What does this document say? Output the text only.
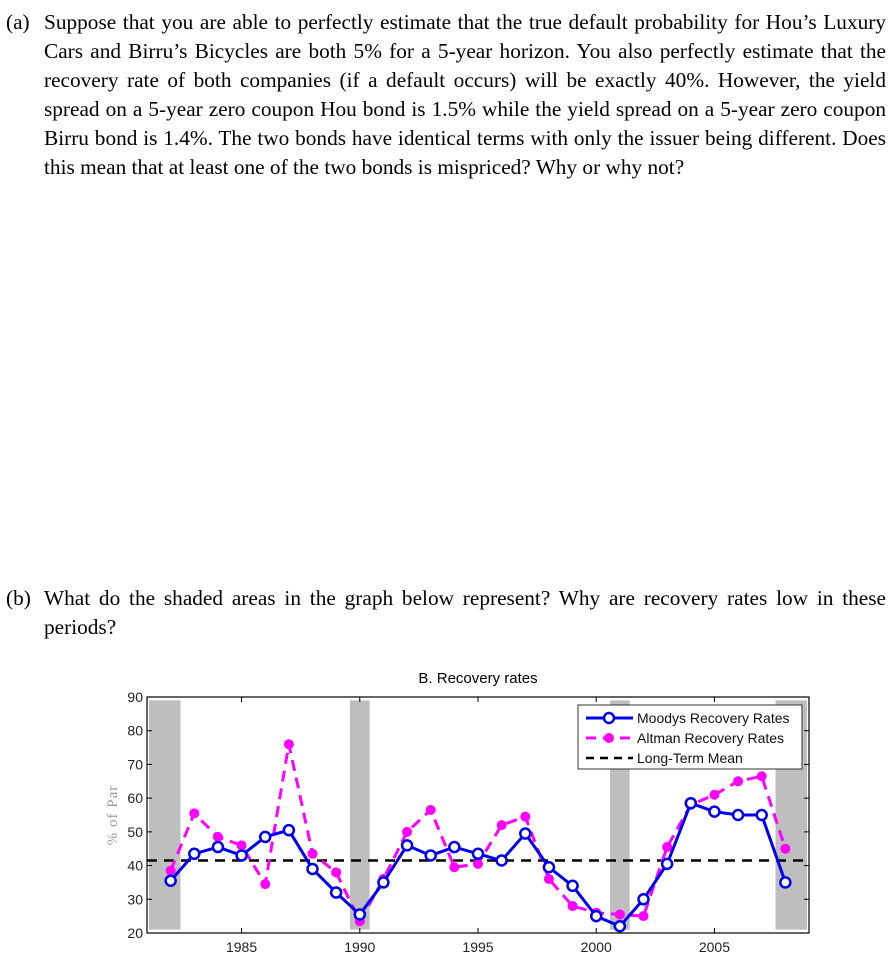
(a) Suppose that you are able to perfectly estimate that the true default probability for Hou’s Luxury Cars and Birru’s Bicycles are both 5% for a 5-year horizon. You also perfectly estimate that the recovery rate of both companies (if a default occurs) will be exactly 40%. However, the yield spread on a 5-year zero coupon Hou bond is 1.5% while the yield spread on a 5-year zero coupon Birru bond is 1.4%. The two bonds have identical terms with only the issuer being different. Does this mean that at least one of the two bonds is mispriced? Why or why not?
(b) What do the shaded areas in the graph below represent? Why are recovery rates low in these periods?
B. Recovery rates
% of Par
20
30
40
50
60
70
80
90
1985	1990	1995	2000	2005
Moodys Recovery Rates
Altman Recovery Rates
Long-Term Mean
